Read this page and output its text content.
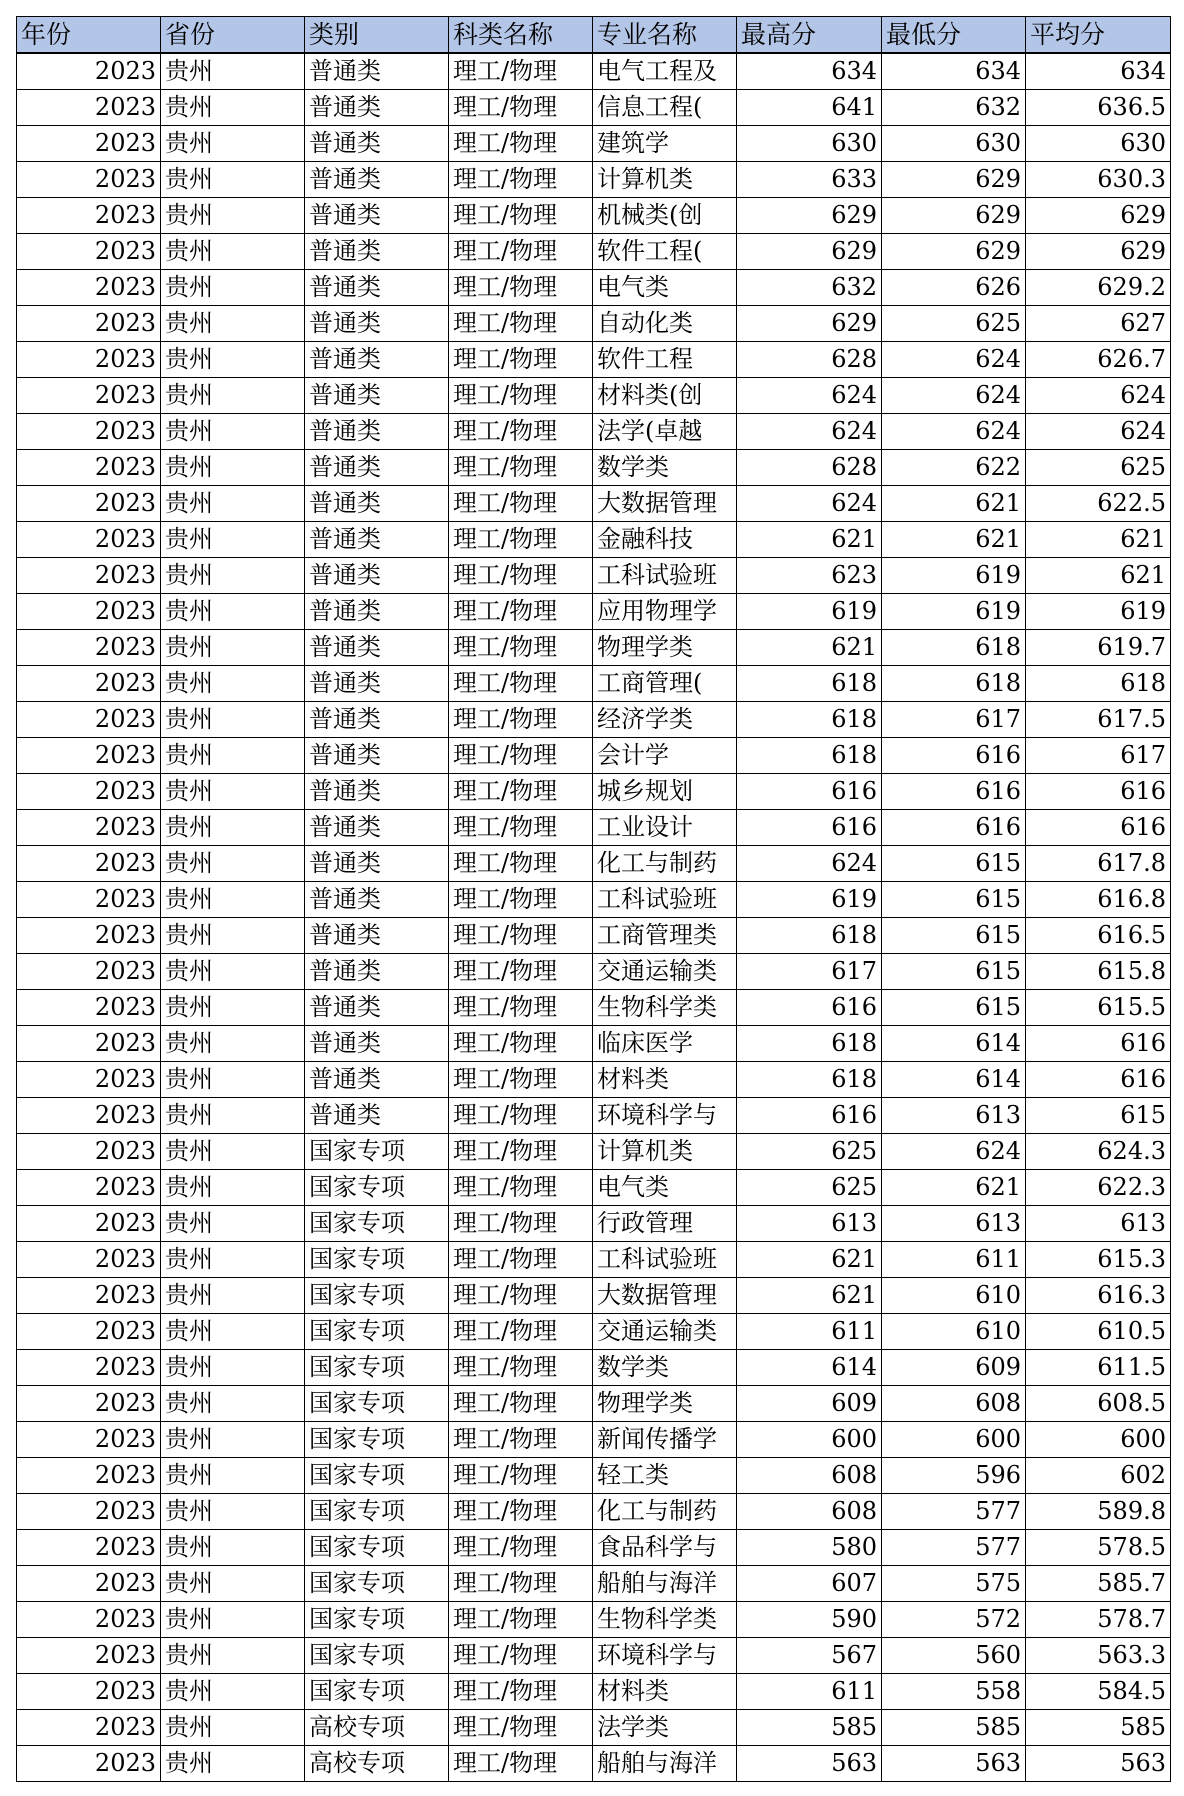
年份	省份	类别	科类名称	专业名称	最高分	最低分	平均分
2023	贵州	普通类	理工/物理	电气工程及	634	634	634
2023	贵州	普通类	理工/物理	信息工程(	641	632	636.5
2023	贵州	普通类	理工/物理	建筑学	630	630	630
2023	贵州	普通类	理工/物理	计算机类	633	629	630.3
2023	贵州	普通类	理工/物理	机械类(创	629	629	629
2023	贵州	普通类	理工/物理	软件工程(	629	629	629
2023	贵州	普通类	理工/物理	电气类	632	626	629.2
2023	贵州	普通类	理工/物理	自动化类	629	625	627
2023	贵州	普通类	理工/物理	软件工程	628	624	626.7
2023	贵州	普通类	理工/物理	材料类(创	624	624	624
2023	贵州	普通类	理工/物理	法学(卓越	624	624	624
2023	贵州	普通类	理工/物理	数学类	628	622	625
2023	贵州	普通类	理工/物理	大数据管理	624	621	622.5
2023	贵州	普通类	理工/物理	金融科技	621	621	621
2023	贵州	普通类	理工/物理	工科试验班	623	619	621
2023	贵州	普通类	理工/物理	应用物理学	619	619	619
2023	贵州	普通类	理工/物理	物理学类	621	618	619.7
2023	贵州	普通类	理工/物理	工商管理(	618	618	618
2023	贵州	普通类	理工/物理	经济学类	618	617	617.5
2023	贵州	普通类	理工/物理	会计学	618	616	617
2023	贵州	普通类	理工/物理	城乡规划	616	616	616
2023	贵州	普通类	理工/物理	工业设计	616	616	616
2023	贵州	普通类	理工/物理	化工与制药	624	615	617.8
2023	贵州	普通类	理工/物理	工科试验班	619	615	616.8
2023	贵州	普通类	理工/物理	工商管理类	618	615	616.5
2023	贵州	普通类	理工/物理	交通运输类	617	615	615.8
2023	贵州	普通类	理工/物理	生物科学类	616	615	615.5
2023	贵州	普通类	理工/物理	临床医学	618	614	616
2023	贵州	普通类	理工/物理	材料类	618	614	616
2023	贵州	普通类	理工/物理	环境科学与	616	613	615
2023	贵州	国家专项	理工/物理	计算机类	625	624	624.3
2023	贵州	国家专项	理工/物理	电气类	625	621	622.3
2023	贵州	国家专项	理工/物理	行政管理	613	613	613
2023	贵州	国家专项	理工/物理	工科试验班	621	611	615.3
2023	贵州	国家专项	理工/物理	大数据管理	621	610	616.3
2023	贵州	国家专项	理工/物理	交通运输类	611	610	610.5
2023	贵州	国家专项	理工/物理	数学类	614	609	611.5
2023	贵州	国家专项	理工/物理	物理学类	609	608	608.5
2023	贵州	国家专项	理工/物理	新闻传播学	600	600	600
2023	贵州	国家专项	理工/物理	轻工类	608	596	602
2023	贵州	国家专项	理工/物理	化工与制药	608	577	589.8
2023	贵州	国家专项	理工/物理	食品科学与	580	577	578.5
2023	贵州	国家专项	理工/物理	船舶与海洋	607	575	585.7
2023	贵州	国家专项	理工/物理	生物科学类	590	572	578.7
2023	贵州	国家专项	理工/物理	环境科学与	567	560	563.3
2023	贵州	国家专项	理工/物理	材料类	611	558	584.5
2023	贵州	高校专项	理工/物理	法学类	585	585	585
2023	贵州	高校专项	理工/物理	船舶与海洋	563	563	563
